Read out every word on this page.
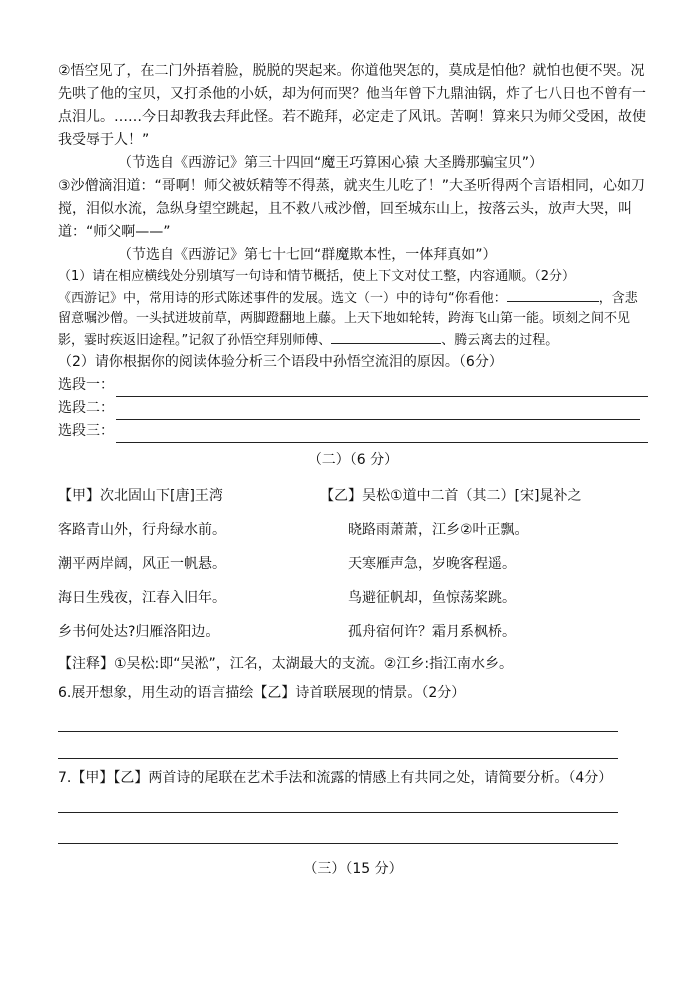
②悟空见了，在二门外捂着脸，脱脱的哭起来。你道他哭怎的，莫成是怕他？就怕也便不哭。况先哄了他的宝贝，又打杀他的小妖，却为何而哭？他当年曾下九鼎油锅，炸了七八日也不曾有一点泪儿。……今日却教我去拜此怪。若不跪拜，必定走了风讯。苦啊！算来只为师父受困，故使我受辱于人！”

（节选自《西游记》第三十四回“魔王巧算困心猿 大圣腾那骗宝贝”）

③沙僧滴泪道：“哥啊！师父被妖精等不得蒸，就夹生儿吃了！”大圣听得两个言语相同，心如刀搅，泪似水流，急纵身望空跳起，且不救八戒沙僧，回至城东山上，按落云头，放声大哭，叫道：“师父啊——”

（节选自《西游记》第七十七回“群魔欺本性，一体拜真如”）

（1）请在相应横线处分别填写一句诗和情节概括，使上下文对仗工整，内容通顺。（2分）

《西游记》中，常用诗的形式陈述事件的发展。选文（一）中的诗句“你看他：	，含悲留意嘱沙僧。一头拭迸坡前草，两脚蹬翻地上藤。上天下地如轮转，跨海飞山第一能。顷刻之间不见影，霎时疾返旧途程。”记叙了孙悟空拜别师傅、	、腾云离去的过程。

（2）请你根据你的阅读体验分析三个语段中孙悟空流泪的原因。（6分）

选段一：
选段二：
选段三：

（二）（6 分）

【甲】次北固山下[唐]王湾
客路青山外，行舟绿水前。
潮平两岸阔，风正一帆悬。
海日生残夜，江春入旧年。
乡书何处达?归雁洛阳边。
【乙】吴松①道中二首（其二）[宋]晁补之
晓路雨萧萧，江乡②叶正飘。
天寒雁声急，岁晚客程遥。
鸟避征帆却，鱼惊荡桨跳。
孤舟宿何许？霜月系枫桥。

【注释】①吴松:即“吴淞”，江名，太湖最大的支流。②江乡:指江南水乡。

6.展开想象，用生动的语言描绘【乙】诗首联展现的情景。（2分）

7.【甲】【乙】两首诗的尾联在艺术手法和流露的情感上有共同之处，请简要分析。（4分）

（三）（15 分）
